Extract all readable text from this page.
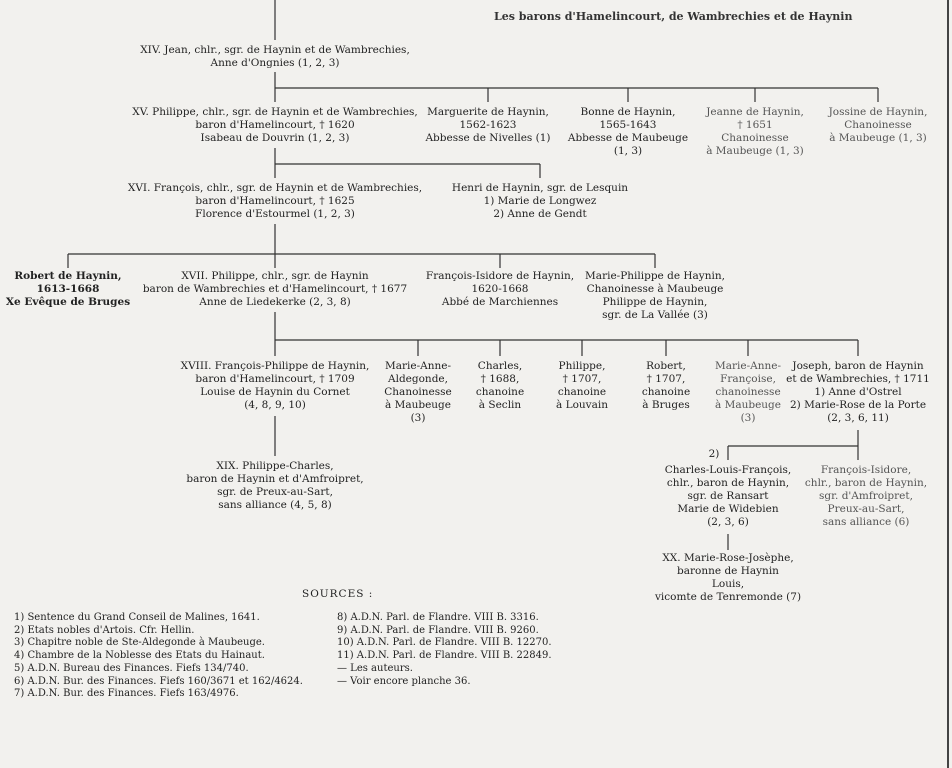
Les barons d'Hamelincourt, de Wambrechies et de Haynin
XIV. Jean, chlr., sgr. de Haynin et de Wambrechies,
Anne d'Ongnies (1, 2, 3)
XV. Philippe, chlr., sgr. de Haynin et de Wambrechies,
baron d'Hamelincourt, † 1620
Isabeau de Douvrin (1, 2, 3)
Marguerite de Haynin,
1562-1623
Abbesse de Nivelles (1)
Bonne de Haynin,
1565-1643
Abbesse de Maubeuge
(1, 3)
Jeanne de Haynin,
† 1651
Chanoinesse
à Maubeuge (1, 3)
Jossine de Haynin,
Chanoinesse
à Maubeuge (1, 3)
XVI. François, chlr., sgr. de Haynin et de Wambrechies,
baron d'Hamelincourt, † 1625
Florence d'Estourmel (1, 2, 3)
Henri de Haynin, sgr. de Lesquin
1) Marie de Longwez
2) Anne de Gendt
Robert de Haynin,
1613-1668
Xe Evêque de Bruges
XVII. Philippe, chlr., sgr. de Haynin
baron de Wambrechies et d'Hamelincourt, † 1677
Anne de Liedekerke (2, 3, 8)
François-Isidore de Haynin,
1620-1668
Abbé de Marchiennes
Marie-Philippe de Haynin,
Chanoinesse à Maubeuge
Philippe de Haynin,
sgr. de La Vallée (3)
XVIII. François-Philippe de Haynin,
baron d'Hamelincourt, † 1709
Louise de Haynin du Cornet
(4, 8, 9, 10)
Marie-Anne-
Aldegonde,
Chanoinesse
à Maubeuge
(3)
Charles,
† 1688,
chanoine
à Seclin
Philippe,
† 1707,
chanoine
à Louvain
Robert,
† 1707,
chanoine
à Bruges
Marie-Anne-
Françoise,
chanoinesse
à Maubeuge
(3)
Joseph, baron de Haynin
et de Wambrechies, † 1711
1) Anne d'Ostrel
2) Marie-Rose de la Porte
(2, 3, 6, 11)
XIX. Philippe-Charles,
baron de Haynin et d'Amfroipret,
sgr. de Preux-au-Sart,
sans alliance (4, 5, 8)
2)
Charles-Louis-François,
chlr., baron de Haynin,
sgr. de Ransart
Marie de Widebien
(2, 3, 6)
François-Isidore,
chlr., baron de Haynin,
sgr. d'Amfroipret,
Preux-au-Sart,
sans alliance (6)
XX. Marie-Rose-Josèphe,
baronne de Haynin
Louis,
vicomte de Tenremonde (7)
SOURCES :
1) Sentence du Grand Conseil de Malines, 1641.
2) Etats nobles d'Artois. Cfr. Hellin.
3) Chapitre noble de Ste-Aldegonde à Maubeuge.
4) Chambre de la Noblesse des Etats du Hainaut.
5) A.D.N. Bureau des Finances. Fiefs 134/740.
6) A.D.N. Bur. des Finances. Fiefs 160/3671 et 162/4624.
7) A.D.N. Bur. des Finances. Fiefs 163/4976.
8) A.D.N. Parl. de Flandre. VIII B. 3316.
9) A.D.N. Parl. de Flandre. VIII B. 9260.
10) A.D.N. Parl. de Flandre. VIII B. 12270.
11) A.D.N. Parl. de Flandre. VIII B. 22849.
— Les auteurs.
— Voir encore planche 36.
